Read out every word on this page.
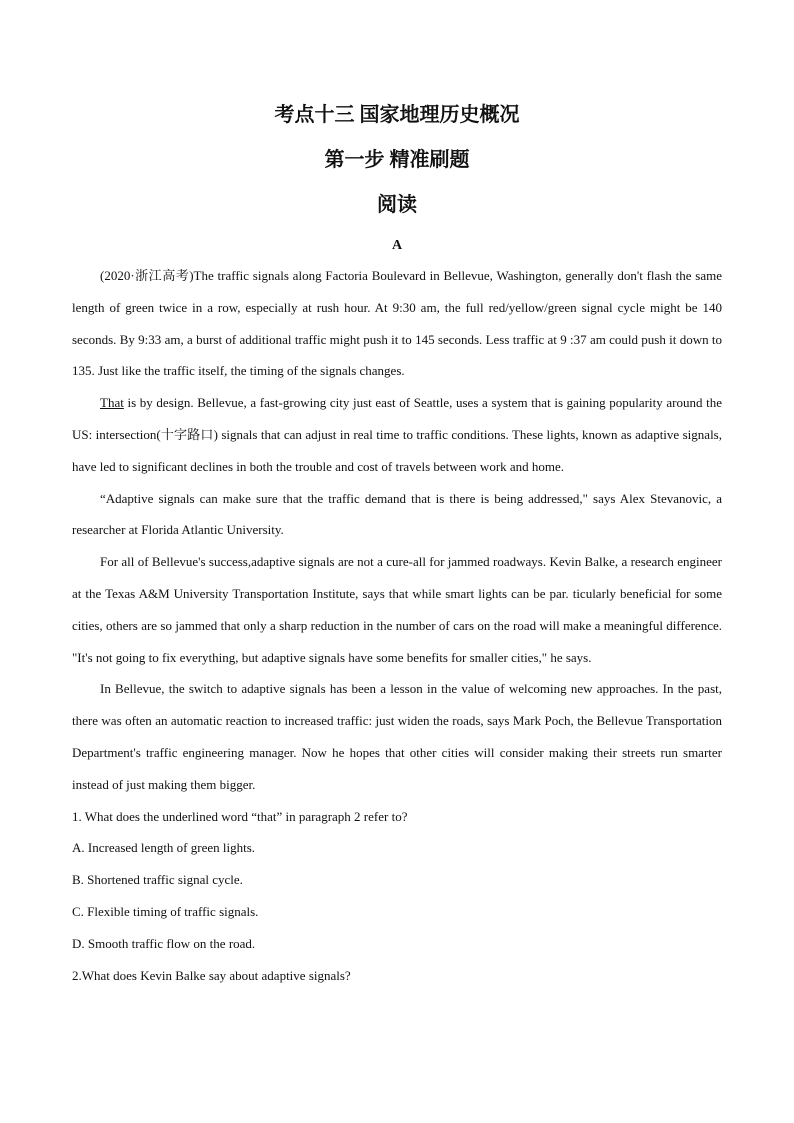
考点十三 国家地理历史概况
第一步 精准刷题
阅读
A

(2020·浙江高考)The traffic signals along Factoria Boulevard in Bellevue, Washington, generally don't flash the same length of green twice in a row, especially at rush hour. At 9:30 am, the full red/yellow/green signal cycle might be 140 seconds. By 9:33 am, a burst of additional traffic might push it to 145 seconds. Less traffic at 9 :37 am could push it down to 135. Just like the traffic itself, the timing of the signals changes.

That is by design. Bellevue, a fast-growing city just east of Seattle, uses a system that is gaining popularity around the US: intersection(十字路口) signals that can adjust in real time to traffic conditions. These lights, known as adaptive signals, have led to significant declines in both the trouble and cost of travels between work and home.

“Adaptive signals can make sure that the traffic demand that is there is being addressed," says Alex Stevanovic, a researcher at Florida Atlantic University.

For all of Bellevue's success,adaptive signals are not a cure-all for jammed roadways. Kevin Balke, a research engineer at the Texas A&M University Transportation Institute, says that while smart lights can be par. ticularly beneficial for some cities, others are so jammed that only a sharp reduction in the number of cars on the road will make a meaningful difference. "It's not going to fix everything, but adaptive signals have some benefits for smaller cities," he says.

In Bellevue, the switch to adaptive signals has been a lesson in the value of welcoming new approaches. In the past, there was often an automatic reaction to increased traffic: just widen the roads, says Mark Poch, the Bellevue Transportation Department's traffic engineering manager. Now he hopes that other cities will consider making their streets run smarter instead of just making them bigger.

1. What does the underlined word “that” in paragraph 2 refer to?

A. Increased length of green lights.

B. Shortened traffic signal cycle.

C. Flexible timing of traffic signals.

D. Smooth traffic flow on the road.

2.What does Kevin Balke say about adaptive signals?
